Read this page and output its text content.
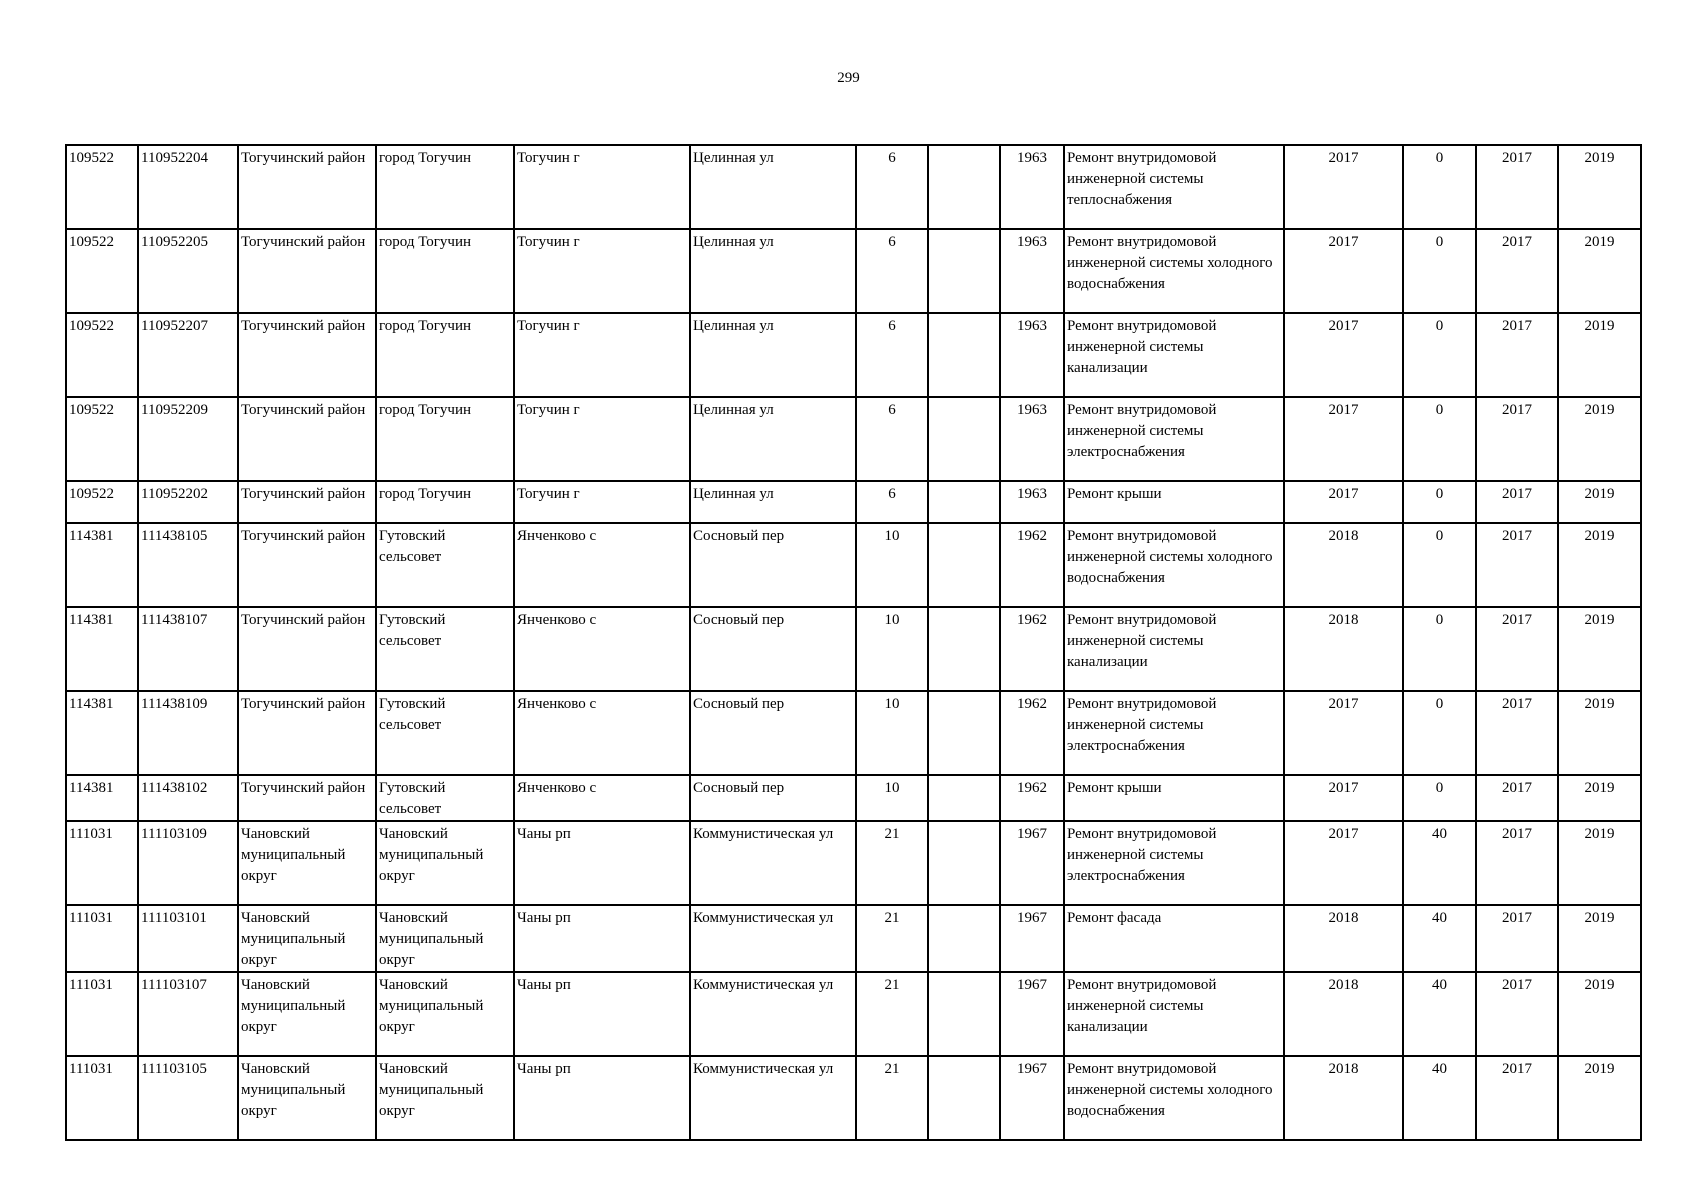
299
109522	110952204	Тогучинский район	город Тогучин	Тогучин г	Целинная ул	6		1963	Ремонт внутридомовой инженерной системы теплоснабжения	2017	0	2017	2019
109522	110952205	Тогучинский район	город Тогучин	Тогучин г	Целинная ул	6		1963	Ремонт внутридомовой инженерной системы холодного водоснабжения	2017	0	2017	2019
109522	110952207	Тогучинский район	город Тогучин	Тогучин г	Целинная ул	6		1963	Ремонт внутридомовой инженерной системы канализации	2017	0	2017	2019
109522	110952209	Тогучинский район	город Тогучин	Тогучин г	Целинная ул	6		1963	Ремонт внутридомовой инженерной системы электроснабжения	2017	0	2017	2019
109522	110952202	Тогучинский район	город Тогучин	Тогучин г	Целинная ул	6		1963	Ремонт крыши	2017	0	2017	2019
114381	111438105	Тогучинский район	Гутовский сельсовет	Янченково с	Сосновый пер	10		1962	Ремонт внутридомовой инженерной системы холодного водоснабжения	2018	0	2017	2019
114381	111438107	Тогучинский район	Гутовский сельсовет	Янченково с	Сосновый пер	10		1962	Ремонт внутридомовой инженерной системы канализации	2018	0	2017	2019
114381	111438109	Тогучинский район	Гутовский сельсовет	Янченково с	Сосновый пер	10		1962	Ремонт внутридомовой инженерной системы электроснабжения	2017	0	2017	2019
114381	111438102	Тогучинский район	Гутовский сельсовет	Янченково с	Сосновый пер	10		1962	Ремонт крыши	2017	0	2017	2019
111031	111103109	Чановский муниципальный округ	Чановский муниципальный округ	Чаны рп	Коммунистическая ул	21		1967	Ремонт внутридомовой инженерной системы электроснабжения	2017	40	2017	2019
111031	111103101	Чановский муниципальный округ	Чановский муниципальный округ	Чаны рп	Коммунистическая ул	21		1967	Ремонт фасада	2018	40	2017	2019
111031	111103107	Чановский муниципальный округ	Чановский муниципальный округ	Чаны рп	Коммунистическая ул	21		1967	Ремонт внутридомовой инженерной системы канализации	2018	40	2017	2019
111031	111103105	Чановский муниципальный округ	Чановский муниципальный округ	Чаны рп	Коммунистическая ул	21		1967	Ремонт внутридомовой инженерной системы холодного водоснабжения	2018	40	2017	2019
